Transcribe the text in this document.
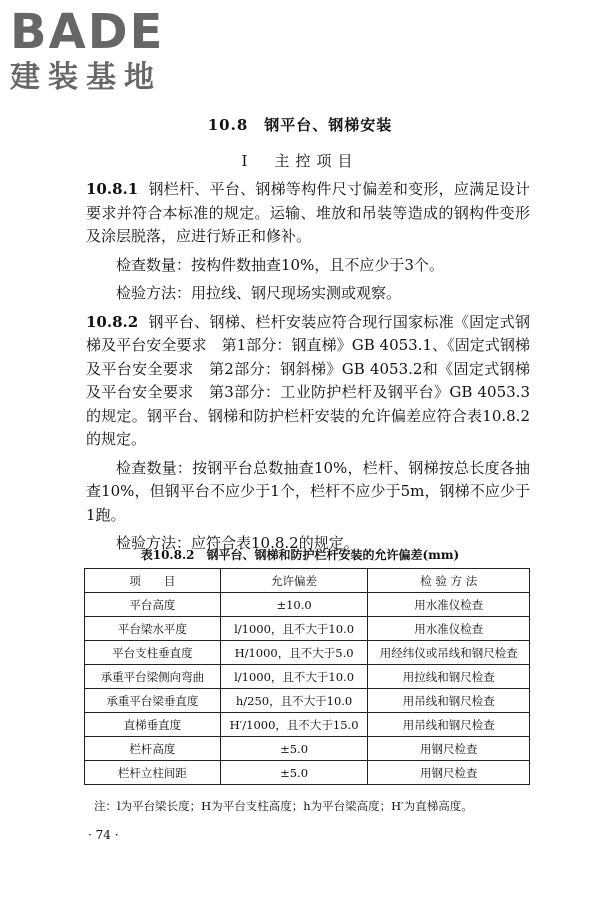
BADE
建装基地
10.8　钢平台、钢梯安装
Ⅰ　主控项目

10.8.1 钢栏杆、平台、钢梯等构件尺寸偏差和变形，应满足设计要求并符合本标准的规定。运输、堆放和吊装等造成的钢构件变形及涂层脱落，应进行矫正和修补。

检查数量：按构件数抽查10%，且不应少于3个。

检验方法：用拉线、钢尺现场实测或观察。

10.8.2 钢平台、钢梯、栏杆安装应符合现行国家标准《固定式钢梯及平台安全要求　第1部分：钢直梯》GB 4053.1、《固定式钢梯及平台安全要求　第2部分：钢斜梯》GB 4053.2和《固定式钢梯及平台安全要求　第3部分：工业防护栏杆及钢平台》GB 4053.3的规定。钢平台、钢梯和防护栏杆安装的允许偏差应符合表10.8.2的规定。

检查数量：按钢平台总数抽查10%，栏杆、钢梯按总长度各抽查10%，但钢平台不应少于1个，栏杆不应少于5m，钢梯不应少于1跑。

检验方法：应符合表10.8.2的规定。

表10.8.2　钢平台、钢梯和防护栏杆安装的允许偏差(mm)
项　　目	允许偏差	检 验 方 法
平台高度	±10.0	用水准仪检查
平台梁水平度	l/1000，且不大于10.0	用水准仪检查
平台支柱垂直度	H/1000，且不大于5.0	用经纬仪或吊线和钢尺检查
承重平台梁侧向弯曲	l/1000，且不大于10.0	用拉线和钢尺检查
承重平台梁垂直度	h/250，且不大于10.0	用吊线和钢尺检查
直梯垂直度	H′/1000，且不大于15.0	用吊线和钢尺检查
栏杆高度	±5.0	用钢尺检查
栏杆立柱间距	±5.0	用钢尺检查
注：l为平台梁长度；H为平台支柱高度；h为平台梁高度；H′为直梯高度。
· 74 ·
